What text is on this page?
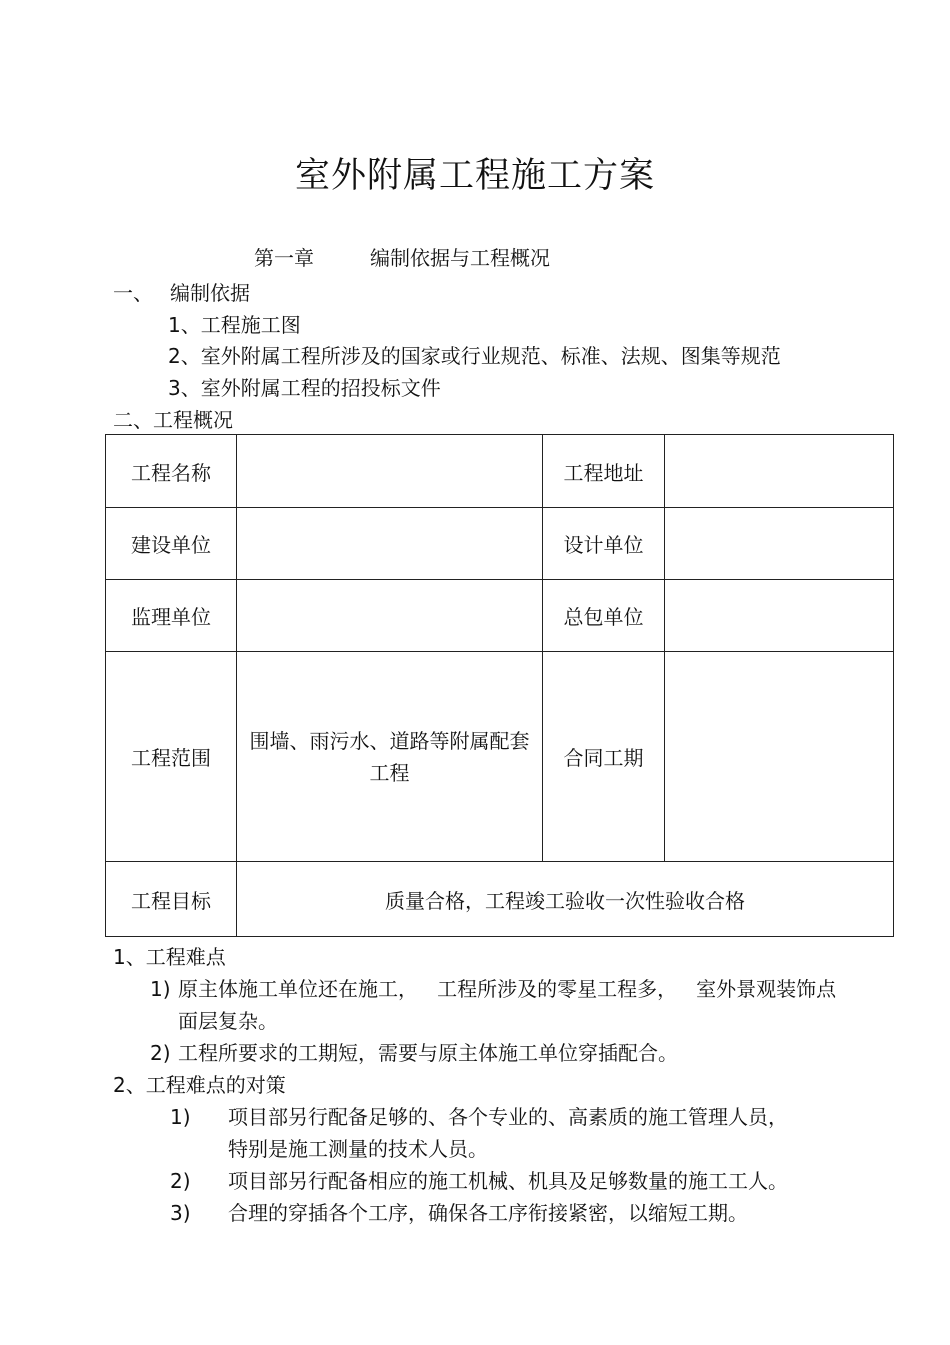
室外附属工程施工方案
第一章	编制依据与工程概况
一、 编制依据
1、工程施工图
2、室外附属工程所涉及的国家或行业规范、标准、法规、图集等规范
3、室外附属工程的招投标文件
二、工程概况
工程名称		工程地址	
建设单位		设计单位	
监理单位		总包单位	
工程范围	围墙、雨污水、道路等附属配套工程	合同工期	
工程目标	质量合格，工程竣工验收一次性验收合格		
1、工程难点
1) 原主体施工单位还在施工，   工程所涉及的零星工程多，   室外景观装饰点
面层复杂。
2) 工程所要求的工期短，需要与原主体施工单位穿插配合。
2、工程难点的对策
1) 项目部另行配备足够的、各个专业的、高素质的施工管理人员，
特别是施工测量的技术人员。
2) 项目部另行配备相应的施工机械、机具及足够数量的施工工人。
3) 合理的穿插各个工序，确保各工序衔接紧密，以缩短工期。
